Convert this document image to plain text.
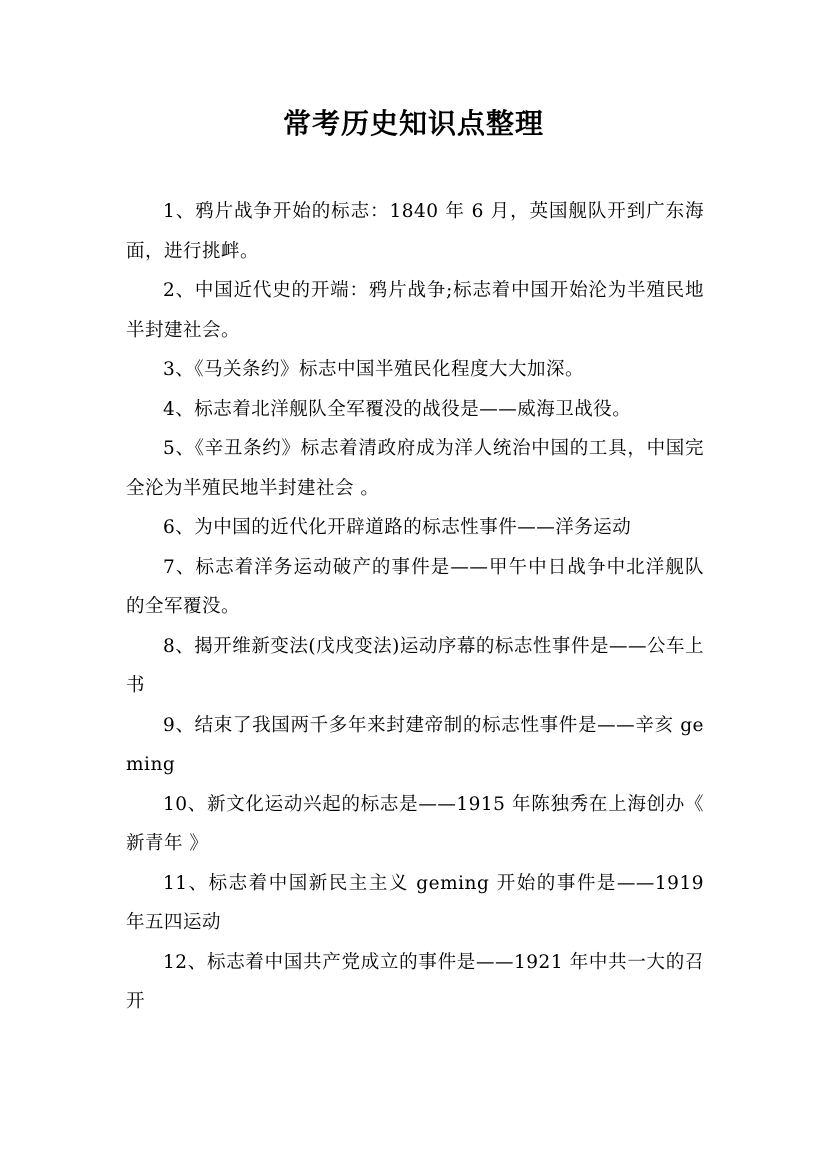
常考历史知识点整理

1、鸦片战争开始的标志：1840 年 6 月，英国舰队开到广东海面，进行挑衅。

2、中国近代史的开端：鸦片战争;标志着中国开始沦为半殖民地半封建社会。

3、《马关条约》标志中国半殖民化程度大大加深。

4、标志着北洋舰队全军覆没的战役是——威海卫战役。

5、《辛丑条约》标志着清政府成为洋人统治中国的工具，中国完全沦为半殖民地半封建社会 。

6、为中国的近代化开辟道路的标志性事件——洋务运动

7、标志着洋务运动破产的事件是——甲午中日战争中北洋舰队的全军覆没。

8、揭开维新变法(戊戌变法)运动序幕的标志性事件是——公车上书

9、结束了我国两千多年来封建帝制的标志性事件是——辛亥 geming

10、新文化运动兴起的标志是——1915 年陈独秀在上海创办《 新青年 》

11、标志着中国新民主主义 geming 开始的事件是——1919 年五四运动

12、标志着中国共产党成立的事件是——1921 年中共一大的召开
